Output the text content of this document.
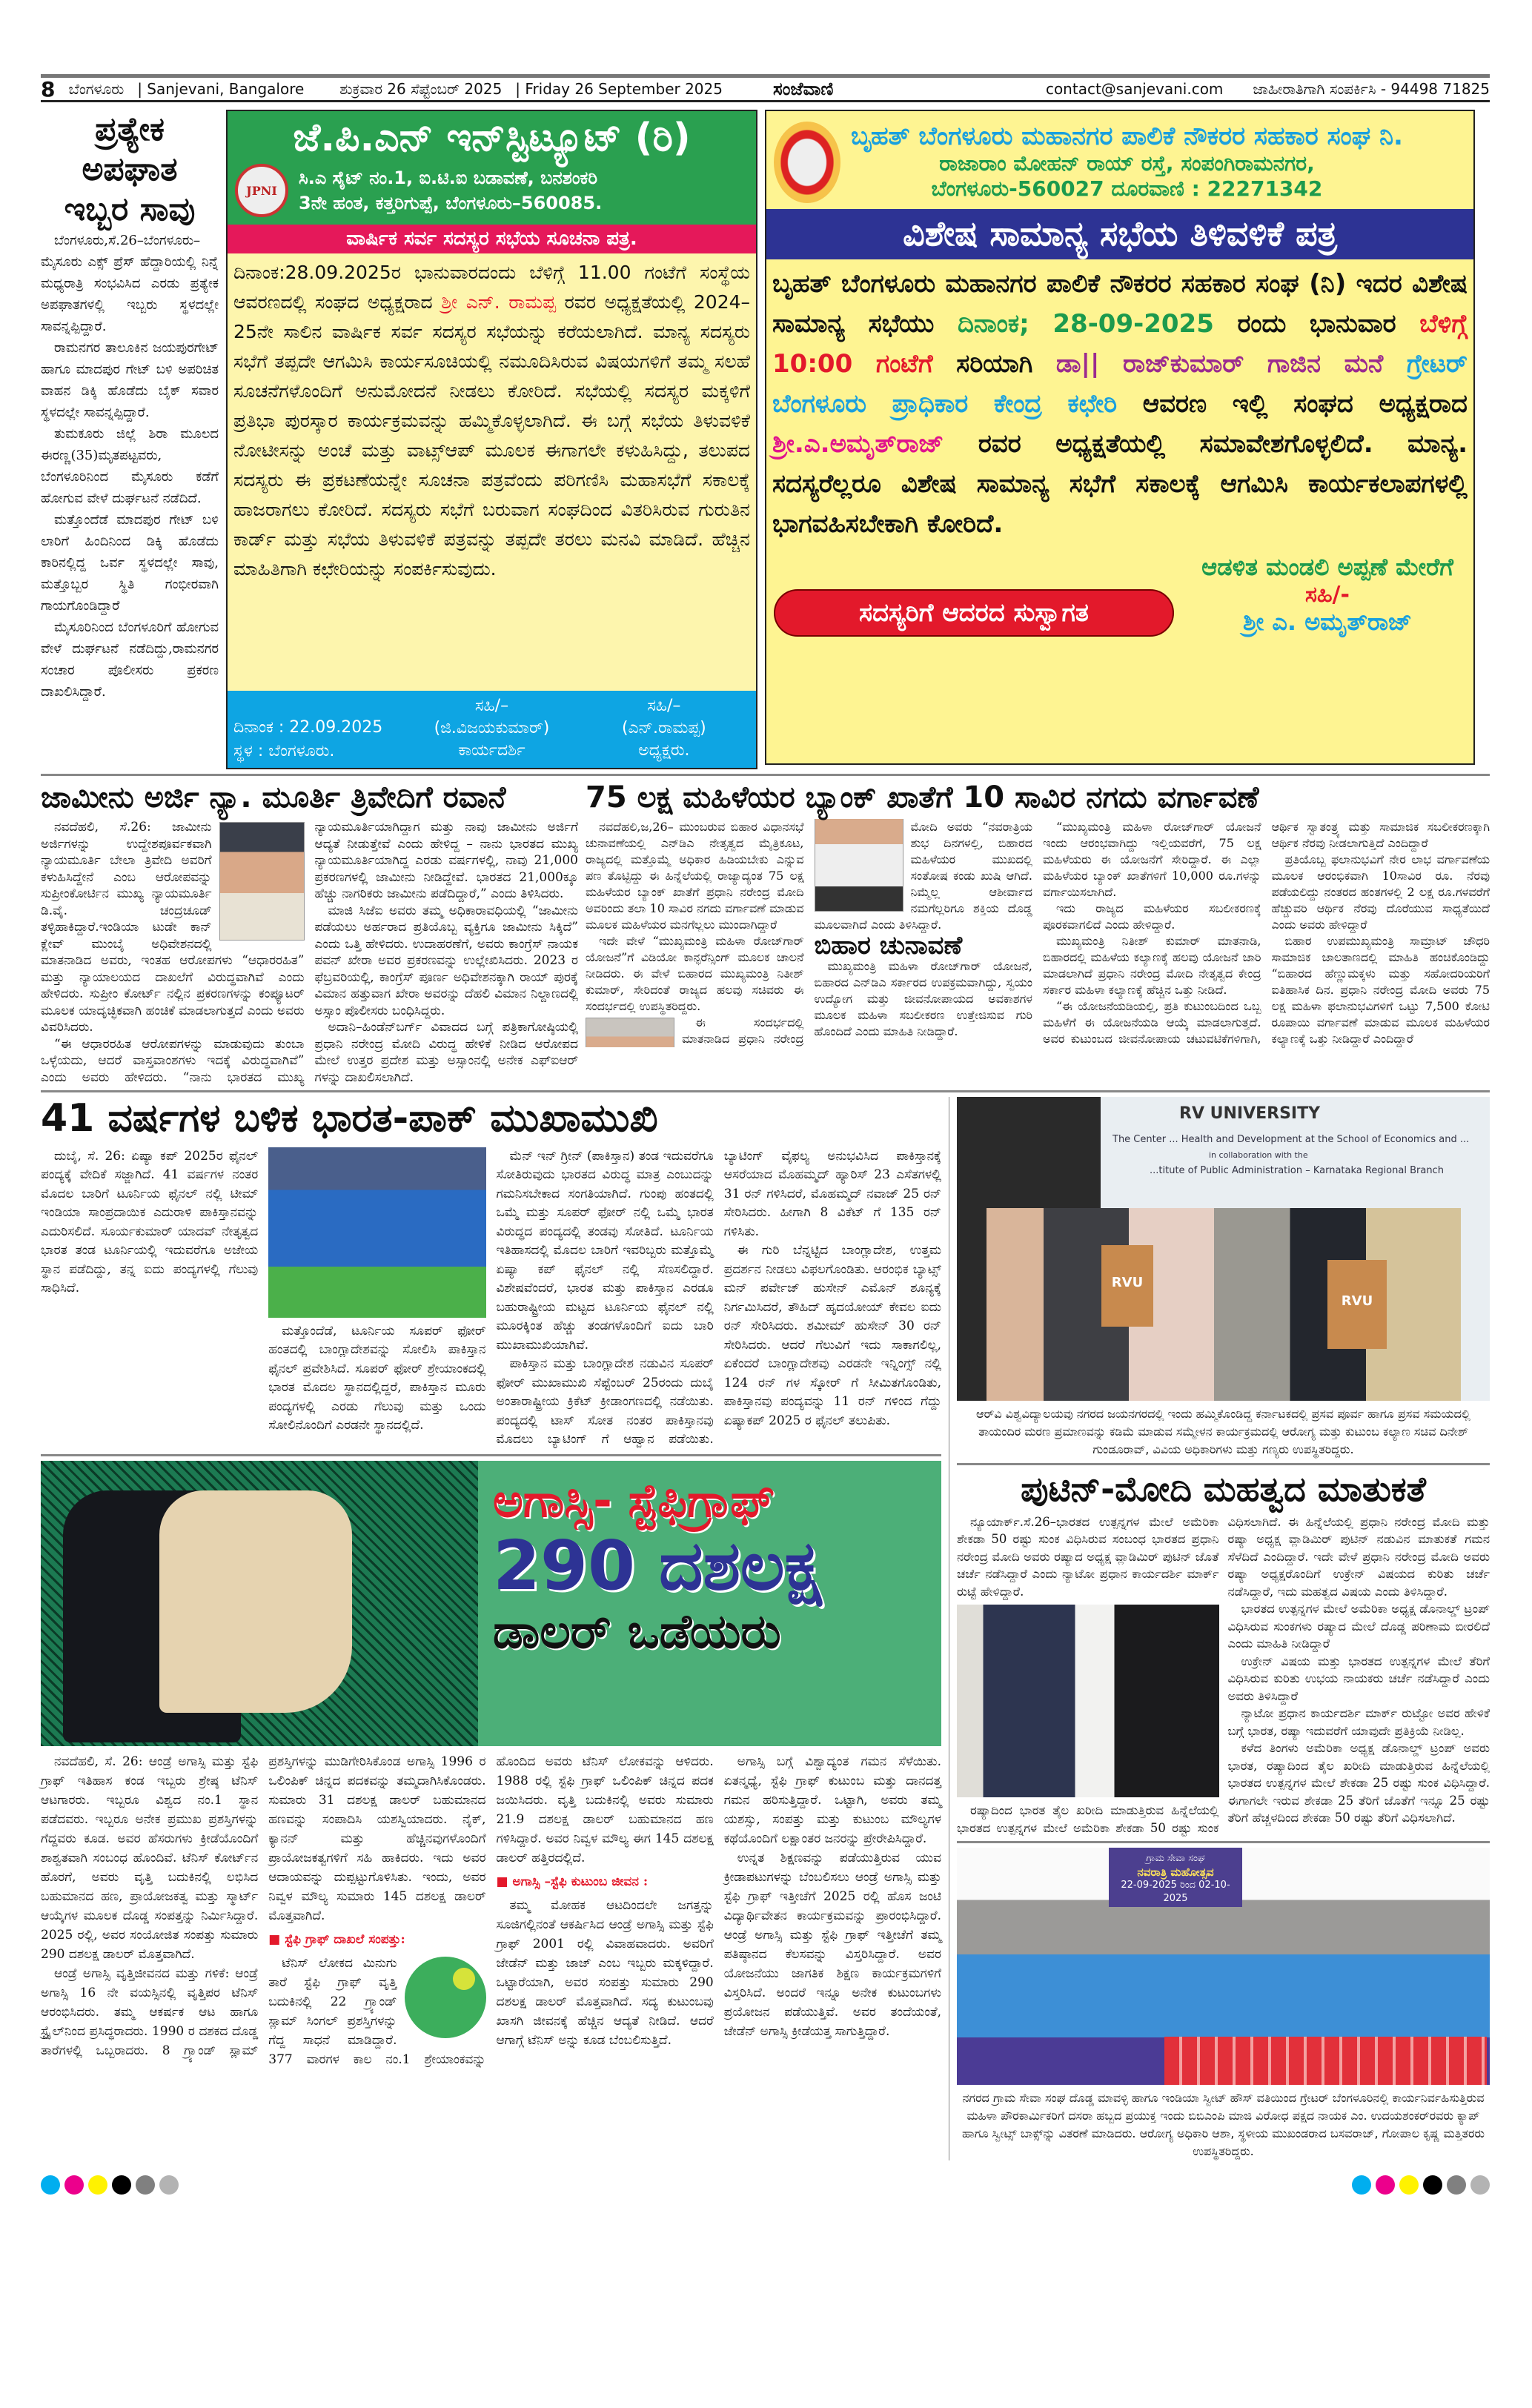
8 ಬೆಂಗಳೂರು | Sanjevani, Bangalore ಶುಕ್ರವಾರ 26 ಸೆಪ್ಟೆಂಬರ್ 2025 | Friday 26 September 2025	ಸಂಜೆವಾಣಿ	contact@sanjevani.com ಜಾಹೀರಾತಿಗಾಗಿ ಸಂಪರ್ಕಿಸಿ - 94498 71825
ಪ್ರತ್ಯೇಕ
ಅಪಘಾತ
ಇಬ್ಬರ ಸಾವು

ಬೆಂಗಳೂರು,ಸೆ.26–ಬೆಂಗಳೂರು–ಮೈಸೂರು ಎಕ್ಸ್ ಪ್ರೆಸ್ ಹೆದ್ದಾರಿಯಲ್ಲಿ ನಿನ್ನೆ ಮಧ್ಯರಾತ್ರಿ ಸಂಭವಿಸಿದ ಎರಡು ಪ್ರತ್ಯೇಕ ಅಪಘಾತಗಳಲ್ಲಿ ಇಬ್ಬರು ಸ್ಥಳದಲ್ಲೇ ಸಾವನ್ನಪ್ಪಿದ್ದಾರೆ.

ರಾಮನಗರ ತಾಲೂಕಿನ ಜಯಪುರಗೇಟ್ ಹಾಗೂ ಮಾದಪುರ ಗೇಟ್ ಬಳಿ ಅಪರಿಚಿತ ವಾಹನ ಡಿಕ್ಕಿ ಹೊಡೆದು ಬೈಕ್ ಸವಾರ ಸ್ಥಳದಲ್ಲೇ ಸಾವನ್ನಪ್ಪಿದ್ದಾರೆ.

ತುಮಕೂರು ಜಿಲ್ಲೆ ಶಿರಾ ಮೂಲದ ಈರಣ್ಣ(35)ಮೃತಪಟ್ಟವರು, ಬೆಂಗಳೂರಿನಿಂದ ಮೈಸೂರು ಕಡೆಗೆ ಹೋಗುವ ವೇಳೆ ದುರ್ಘಟನೆ ನಡೆದಿದೆ.

ಮತ್ತೊಂದೆಡೆ ಮಾದಪುರ ಗೇಟ್ ಬಳಿ ಲಾರಿಗೆ ಹಿಂದಿನಿಂದ ಡಿಕ್ಕಿ ಹೊಡೆದು ಕಾರಿನಲ್ಲಿದ್ದ ಒರ್ವ ಸ್ಥಳದಲ್ಲೇ ಸಾವು, ಮತ್ತೊಬ್ಬರ ಸ್ಥಿತಿ ಗಂಭೀರವಾಗಿ ಗಾಯಗೊಂಡಿದ್ದಾರೆ

ಮೈಸೂರಿನಿಂದ ಬೆಂಗಳೂರಿಗೆ ಹೋಗುವ ವೇಳೆ ದುರ್ಘಟನೆ ನಡೆದಿದ್ದು,ರಾಮನಗರ ಸಂಚಾರ ಪೊಲೀಸರು ಪ್ರಕರಣ ದಾಖಲಿಸಿದ್ದಾರೆ.

ಜೆ.ಪಿ.ಎನ್ ಇನ್‌ಸ್ಟಿಟ್ಯೂಟ್ (ರಿ)
JPNI
ಸಿ.ಎ ಸೈಟ್ ನಂ.1, ಐ.ಟಿ.ಐ ಬಡಾವಣೆ, ಬನಶಂಕರಿ
3ನೇ ಹಂತ, ಕತ್ತರಿಗುಪ್ಪೆ, ಬೆಂಗಳೂರು–560085.
ವಾರ್ಷಿಕ ಸರ್ವ ಸದಸ್ಯರ ಸಭೆಯ ಸೂಚನಾ ಪತ್ರ.
ದಿನಾಂಕ:28.09.2025ರ ಭಾನುವಾರದಂದು ಬೆಳಿಗ್ಗೆ 11.00 ಗಂಟೆಗೆ ಸಂಸ್ಥೆಯ ಆವರಣದಲ್ಲಿ ಸಂಘದ ಅಧ್ಯಕ್ಷರಾದ ಶ್ರೀ ಎನ್. ರಾಮಪ್ಪ ರವರ ಅಧ್ಯಕ್ಷತೆಯಲ್ಲಿ 2024–25ನೇ ಸಾಲಿನ ವಾರ್ಷಿಕ ಸರ್ವ ಸದಸ್ಯರ ಸಭೆಯನ್ನು ಕರೆಯಲಾಗಿದೆ. ಮಾನ್ಯ ಸದಸ್ಯರು ಸಭೆಗೆ ತಪ್ಪದೇ ಆಗಮಿಸಿ ಕಾರ್ಯಸೂಚಿಯಲ್ಲಿ ನಮೂದಿಸಿರುವ ವಿಷಯಗಳಿಗೆ ತಮ್ಮ ಸಲಹೆ ಸೂಚನೆಗಳೊಂದಿಗೆ ಅನುಮೋದನೆ ನೀಡಲು ಕೋರಿದೆ. ಸಭೆಯಲ್ಲಿ ಸದಸ್ಯರ ಮಕ್ಕಳಿಗೆ ಪ್ರತಿಭಾ ಪುರಸ್ಕಾರ ಕಾರ್ಯಕ್ರಮವನ್ನು ಹಮ್ಮಿಕೊಳ್ಳಲಾಗಿದೆ. ಈ ಬಗ್ಗೆ ಸಭೆಯ ತಿಳುವಳಿಕೆ ನೋಟೀಸನ್ನು ಅಂಚೆ ಮತ್ತು ವಾಟ್ಸ್‌ಆಪ್ ಮೂಲಕ ಈಗಾಗಲೇ ಕಳುಹಿಸಿದ್ದು, ತಲುಪದ ಸದಸ್ಯರು ಈ ಪ್ರಕಟಣೆಯನ್ನೇ ಸೂಚನಾ ಪತ್ರವೆಂದು ಪರಿಗಣಿಸಿ ಮಹಾಸಭೆಗೆ ಸಕಾಲಕ್ಕೆ ಹಾಜರಾಗಲು ಕೋರಿದೆ. ಸದಸ್ಯರು ಸಭೆಗೆ ಬರುವಾಗ ಸಂಘದಿಂದ ವಿತರಿಸಿರುವ ಗುರುತಿನ ಕಾರ್ಡ್ ಮತ್ತು ಸಭೆಯ ತಿಳುವಳಿಕೆ ಪತ್ರವನ್ನು ತಪ್ಪದೇ ತರಲು ಮನವಿ ಮಾಡಿದೆ. ಹೆಚ್ಚಿನ ಮಾಹಿತಿಗಾಗಿ ಕಛೇರಿಯನ್ನು ಸಂಪರ್ಕಿಸುವುದು.
ದಿನಾಂಕ : 22.09.2025
ಸ್ಥಳ : ಬೆಂಗಳೂರು.
ಸಹಿ/–
(ಜಿ.ವಿಜಯಕುಮಾರ್)
ಕಾರ್ಯದರ್ಶಿ
ಸಹಿ/–
(ಎನ್.ರಾಮಪ್ಪ)
ಅಧ್ಯಕ್ಷರು.
ಬೃಹತ್ ಬೆಂಗಳೂರು ಮಹಾನಗರ ಪಾಲಿಕೆ ನೌಕರರ ಸಹಕಾರ ಸಂಘ ನಿ.
ರಾಜಾರಾಂ ಮೋಹನ್ ರಾಯ್ ರಸ್ತೆ, ಸಂಪಂಗಿರಾಮನಗರ,
ಬೆಂಗಳೂರು-560027 ದೂರವಾಣಿ : 22271342
ವಿಶೇಷ ಸಾಮಾನ್ಯ ಸಭೆಯ ತಿಳಿವಳಿಕೆ ಪತ್ರ
ಬೃಹತ್ ಬೆಂಗಳೂರು ಮಹಾನಗರ ಪಾಲಿಕೆ ನೌಕರರ ಸಹಕಾರ ಸಂಘ (ನಿ) ಇದರ ವಿಶೇಷ ಸಾಮಾನ್ಯ ಸಭೆಯು ದಿನಾಂಕ; 28-09-2025 ರಂದು ಭಾನುವಾರ ಬೆಳಿಗ್ಗೆ 10:00 ಗಂಟೆಗೆ ಸರಿಯಾಗಿ ಡಾ|| ರಾಜ್‌ಕುಮಾರ್ ಗಾಜಿನ ಮನೆ ಗ್ರೇಟರ್ ಬೆಂಗಳೂರು ಪ್ರಾಧಿಕಾರ ಕೇಂದ್ರ ಕಛೇರಿ ಆವರಣ ಇಲ್ಲಿ ಸಂಘದ ಅಧ್ಯಕ್ಷರಾದ ಶ್ರೀ.ಎ.ಅಮೃತ್‌ರಾಜ್ ರವರ ಅಧ್ಯಕ್ಷತೆಯಲ್ಲಿ ಸಮಾವೇಶಗೊಳ್ಳಲಿದೆ. ಮಾನ್ಯ. ಸದಸ್ಯರೆಲ್ಲರೂ ವಿಶೇಷ ಸಾಮಾನ್ಯ ಸಭೆಗೆ ಸಕಾಲಕ್ಕೆ ಆಗಮಿಸಿ ಕಾರ್ಯಕಲಾಪಗಳಲ್ಲಿ ಭಾಗವಹಿಸಬೇಕಾಗಿ ಕೋರಿದೆ.
ಸದಸ್ಯರಿಗೆ ಆದರದ ಸುಸ್ವಾಗತ
ಆಡಳಿತ ಮಂಡಲಿ ಅಪ್ಪಣೆ ಮೇರೆಗೆ
ಸಹಿ/-
ಶ್ರೀ ಎ. ಅಮೃತ್‌ರಾಜ್
ಜಾಮೀನು ಅರ್ಜಿ ನ್ಯಾ. ಮೂರ್ತಿ ತ್ರಿವೇದಿಗೆ ರವಾನೆ

ನವದೆಹಲಿ, ಸೆ.26: ಜಾಮೀನು ಅರ್ಜಿಗಳನ್ನು ಉದ್ದೇಶಪೂರ್ವಕವಾಗಿ ನ್ಯಾಯಮೂರ್ತಿ ಬೇಲಾ ತ್ರಿವೇದಿ ಅವರಿಗೆ ಕಳುಹಿಸಿದ್ದೇನೆ ಎಂಬ ಆರೋಪವನ್ನು ಸುಪ್ರೀಂಕೋರ್ಟಿನ ಮುಖ್ಯ ನ್ಯಾಯಮೂರ್ತಿ ಡಿ.ವೈ. ಚಂದ್ರಚೂಡ್ ತಳ್ಳಿಹಾಕಿದ್ದಾರೆ.ಇಂಡಿಯಾ ಟುಡೇ ಕಾನ್ ಕ್ಲೇವ್ ಮುಂಬೈ ಅಧಿವೇಶನದಲ್ಲಿ ಮಾತನಾಡಿದ ಅವರು, ಇಂತಹ ಆರೋಪಗಳು “ಆಧಾರರಹಿತ” ಮತ್ತು ನ್ಯಾಯಾಲಯದ ದಾಖಲೆಗೆ ವಿರುದ್ಧವಾಗಿವೆ ಎಂದು ಹೇಳಿದರು. ಸುಪ್ರೀಂ ಕೋರ್ಟ್ ನಲ್ಲಿನ ಪ್ರಕರಣಗಳನ್ನು ಕಂಪ್ಯೂಟರ್ ಮೂಲಕ ಯಾದೃಚ್ಛಿಕವಾಗಿ ಹಂಚಿಕೆ ಮಾಡಲಾಗುತ್ತದೆ ಎಂದು ಅವರು ವಿವರಿಸಿದರು.

“ಈ ಆಧಾರರಹಿತ ಆರೋಪಗಳನ್ನು ಮಾಡುವುದು ತುಂಬಾ ಒಳ್ಳೆಯದು, ಆದರೆ ವಾಸ್ತವಾಂಶಗಳು ಇದಕ್ಕೆ ವಿರುದ್ಧವಾಗಿವೆ” ಎಂದು ಅವರು ಹೇಳಿದರು. “ನಾನು ಭಾರತದ ಮುಖ್ಯ ನ್ಯಾಯಮೂರ್ತಿಯಾಗಿದ್ದಾಗ ಮತ್ತು ನಾವು ಜಾಮೀನು ಅರ್ಜಿಗೆ ಆದ್ಯತೆ ನೀಡುತ್ತೇವೆ ಎಂದು ಹೇಳಿದ್ದ – ನಾನು ಭಾರತದ ಮುಖ್ಯ ನ್ಯಾಯಮೂರ್ತಿಯಾಗಿದ್ದ ಎರಡು ವರ್ಷಗಳಲ್ಲಿ, ನಾವು 21,000 ಪ್ರಕರಣಗಳಲ್ಲಿ ಜಾಮೀನು ನೀಡಿದ್ದೇವೆ. ಭಾರತದ 21,000ಕ್ಕೂ ಹೆಚ್ಚು ನಾಗರಿಕರು ಜಾಮೀನು ಪಡೆದಿದ್ದಾರೆ,” ಎಂದು ತಿಳಿಸಿದರು.

ಮಾಜಿ ಸಿಜೆಐ ಅವರು ತಮ್ಮ ಅಧಿಕಾರಾವಧಿಯಲ್ಲಿ “ಜಾಮೀನು ಪಡೆಯಲು ಅರ್ಹರಾದ ಪ್ರತಿಯೊಬ್ಬ ವ್ಯಕ್ತಿಗೂ ಜಾಮೀನು ಸಿಕ್ಕಿದೆ” ಎಂದು ಒತ್ತಿ ಹೇಳಿದರು. ಉದಾಹರಣೆಗೆ, ಅವರು ಕಾಂಗ್ರೆಸ್ ನಾಯಕ ಪವನ್ ಖೇರಾ ಅವರ ಪ್ರಕರಣವನ್ನು ಉಲ್ಲೇಖಿಸಿದರು. 2023 ರ ಫೆಬ್ರವರಿಯಲ್ಲಿ, ಕಾಂಗ್ರೆಸ್ ಪೂರ್ಣ ಅಧಿವೇಶನಕ್ಕಾಗಿ ರಾಯ್ ಪುರಕ್ಕೆ ವಿಮಾನ ಹತ್ತುವಾಗ ಖೇರಾ ಅವರನ್ನು ದೆಹಲಿ ವಿಮಾನ ನಿಲ್ದಾಣದಲ್ಲಿ ಅಸ್ಸಾಂ ಪೊಲೀಸರು ಬಂಧಿಸಿದ್ದರು.

ಅದಾನಿ–ಹಿಂಡೆನ್‌ಬರ್ಗ್ ವಿವಾದದ ಬಗ್ಗೆ ಪತ್ರಿಕಾಗೋಷ್ಠಿಯಲ್ಲಿ ಪ್ರಧಾನಿ ನರೇಂದ್ರ ಮೋದಿ ವಿರುದ್ಧ ಹೇಳಿಕೆ ನೀಡಿದ ಆರೋಪದ ಮೇಲೆ ಉತ್ತರ ಪ್ರದೇಶ ಮತ್ತು ಅಸ್ಸಾಂನಲ್ಲಿ ಅನೇಕ ಎಫ್‌ಐಆರ್ ಗಳನ್ನು ದಾಖಲಿಸಲಾಗಿದೆ.

75 ಲಕ್ಷ ಮಹಿಳೆಯರ ಬ್ಯಾಂಕ್ ಖಾತೆಗೆ 10 ಸಾವಿರ ನಗದು ವರ್ಗಾವಣೆ

ನವದೆಹಲಿ,ಜ,26– ಮುಂಬರುವ ಬಿಹಾರ ವಿಧಾನಸಭೆ ಚುನಾವಣೆಯಲ್ಲಿ ಎನ್‌ಡಿಎ ನೇತೃತ್ವದ ಮೈತ್ರಿಕೂಟ, ರಾಜ್ಯದಲ್ಲಿ ಮತ್ತೊಮ್ಮೆ ಅಧಿಕಾರ ಹಿಡಿಯಬೇಕು ಎನ್ನುವ ಪಣ ತೊಟ್ಟಿದ್ದು ಈ ಹಿನ್ನೆಲೆಯಲ್ಲಿ ರಾಜ್ಯಾದ್ಯಂತ 75 ಲಕ್ಷ ಮಹಿಳೆಯರ ಬ್ಯಾಂಕ್ ಖಾತೆಗೆ ಪ್ರಧಾನಿ ನರೇಂದ್ರ ಮೋದಿ ಅವರಿಂದು ತಲಾ 10 ಸಾವಿರ ನಗದು ವರ್ಗಾವಣೆ ಮಾಡುವ ಮೂಲಕ ಮಹಿಳೆಯರ ಮನಗೆಲ್ಲಲು ಮುಂದಾಗಿದ್ದಾರೆ

ಇದೇ ವೇಳೆ “ಮುಖ್ಯಮಂತ್ರಿ ಮಹಿಳಾ ರೋಜ್‌ಗಾರ್ ಯೋಜನೆ”ಗೆ ವಿಡಿಯೋ ಕಾನ್ಫರೆನ್ಸಿಂಗ್ ಮೂಲಕ ಚಾಲನೆ ನೀಡಿದರು. ಈ ವೇಳೆ ಬಿಹಾರದ ಮುಖ್ಯಮಂತ್ರಿ ನಿತೀಶ್ ಕುಮಾರ್, ಸೇರಿದಂತೆ ರಾಜ್ಯದ ಹಲವು ಸಚಿವರು ಈ ಸಂದರ್ಭದಲ್ಲಿ ಉಪಸ್ಥಿತರಿದ್ದರು.

ಈ ಸಂದರ್ಭದಲ್ಲಿ ಮಾತನಾಡಿದ ಪ್ರಧಾನಿ ನರೇಂದ್ರ ಮೋದಿ ಅವರು “ನವರಾತ್ರಿಯ ಶುಭ ದಿನಗಳಲ್ಲಿ, ಬಿಹಾರದ ಮಹಿಳೆಯರ ಮುಖದಲ್ಲಿ ಸಂತೋಷ ಕಂಡು ಖುಷಿ ಆಗಿದೆ. ನಿಮ್ಮೆಲ್ಲ ಆಶೀರ್ವಾದ ನಮಗೆಲ್ಲರಿಗೂ ಶಕ್ತಿಯ ದೊಡ್ಡ ಮೂಲವಾಗಿದೆ ಎಂದು ತಿಳಿಸಿದ್ದಾರೆ.

ಬಿಹಾರ ಚುನಾವಣೆ

ಮುಖ್ಯಮಂತ್ರಿ ಮಹಿಳಾ ರೋಜ್‌ಗಾರ್ ಯೋಜನೆ, ಬಿಹಾರದ ಎನ್‌ಡಿಎ ಸರ್ಕಾರದ ಉಪಕ್ರಮವಾಗಿದ್ದು, ಸ್ವಯಂ ಉದ್ಯೋಗ ಮತ್ತು ಜೀವನೋಪಾಯದ ಅವಕಾಶಗಳ ಮೂಲಕ ಮಹಿಳಾ ಸಬಲೀಕರಣ ಉತ್ತೇಜಿಸುವ ಗುರಿ ಹೊಂದಿದೆ ಎಂದು ಮಾಹಿತಿ ನೀಡಿದ್ದಾರೆ.

“ಮುಖ್ಯಮಂತ್ರಿ ಮಹಿಳಾ ರೋಜ್‌ಗಾರ್ ಯೋಜನೆ ಇಂದು ಆರಂಭವಾಗಿದ್ದು ಇಲ್ಲಿಯವರೆಗೆ, 75 ಲಕ್ಷ ಮಹಿಳೆಯರು ಈ ಯೋಜನೆಗೆ ಸೇರಿದ್ದಾರೆ. ಈ ಎಲ್ಲಾ ಮಹಿಳೆಯರ ಬ್ಯಾಂಕ್ ಖಾತೆಗಳಿಗೆ 10,000 ರೂ.ಗಳನ್ನು ವರ್ಗಾಯಿಸಲಾಗಿದೆ.

ಇದು ರಾಜ್ಯದ ಮಹಿಳೆಯರ ಸಬಲೀಕರಣಕ್ಕೆ ಪೂರಕವಾಗಲಿದೆ ಎಂದು ಹೇಳಿದ್ದಾರೆ.

ಮುಖ್ಯಮಂತ್ರಿ ನಿತೀಶ್ ಕುಮಾರ್ ಮಾತನಾಡಿ, ಬಿಹಾರದಲ್ಲಿ ಮಹಿಳೆಯ ಕಲ್ಯಾಣಕ್ಕೆ ಹಲವು ಯೋಜನೆ ಜಾರಿ ಮಾಡಲಾಗಿದೆ ಪ್ರಧಾನಿ ನರೇಂದ್ರ ಮೋದಿ ನೇತೃತ್ವದ ಕೇಂದ್ರ ಸರ್ಕಾರ ಮಹಿಳಾ ಕಲ್ಯಾಣಕ್ಕೆ ಹೆಚ್ಚಿನ ಒತ್ತು ನೀಡಿದೆ.

“ಈ ಯೋಜನೆಯಡಿಯಲ್ಲಿ, ಪ್ರತಿ ಕುಟುಂಬದಿಂದ ಒಬ್ಬ ಮಹಿಳೆಗೆ ಈ ಯೋಜನೆಯಡಿ ಆಯ್ಕೆ ಮಾಡಲಾಗುತ್ತದೆ. ಅವರ ಕುಟುಂಬದ ಜೀವನೋಪಾಯ ಚಟುವಟಿಕೆಗಳಿಗಾಗಿ, ಆರ್ಥಿಕ ಸ್ವಾತಂತ್ರ್ಯ ಮತ್ತು ಸಾಮಾಜಿಕ ಸಬಲೀಕರಣಕ್ಕಾಗಿ ಆರ್ಥಿಕ ನೆರವು ನೀಡಲಾಗುತ್ತಿದೆ ಎಂದಿದ್ದಾರೆ

ಪ್ರತಿಯೊಬ್ಬ ಫಲಾನುಭವಿಗೆ ನೇರ ಲಾಭ ವರ್ಗಾವಣೆಯ ಮೂಲಕ ಆರಂಭಿಕವಾಗಿ 10ಸಾವಿರ ರೂ. ನೆರವು ಪಡೆಯಲಿದ್ದು ನಂತರದ ಹಂತಗಳಲ್ಲಿ 2 ಲಕ್ಷ ರೂ.ಗಳವರೆಗೆ ಹೆಚ್ಚುವರಿ ಆರ್ಥಿಕ ನೆರವು ದೊರೆಯುವ ಸಾಧ್ಯತೆಯಿದೆ ಎಂದು ಅವರು ಹೇಳಿದ್ದಾರೆ

ಬಿಹಾರ ಉಪಮುಖ್ಯಮಂತ್ರಿ ಸಾಮ್ರಾಟ್ ಚೌಧರಿ ಸಾಮಾಜಿಕ ಜಾಲತಾಣದಲ್ಲಿ ಮಾಹಿತಿ ಹಂಚಿಕೊಂಡಿದ್ದು “ಬಿಹಾರದ ಹೆಣ್ಣುಮಕ್ಕಳು ಮತ್ತು ಸಹೋದರಿಯರಿಗೆ ಐತಿಹಾಸಿಕ ದಿನ. ಪ್ರಧಾನಿ ನರೇಂದ್ರ ಮೋದಿ ಅವರು 75 ಲಕ್ಷ ಮಹಿಳಾ ಫಲಾನುಭವಿಗಳಿಗೆ ಒಟ್ಟು 7,500 ಕೋಟಿ ರೂಪಾಯಿ ವರ್ಗಾವಣೆ ಮಾಡುವ ಮೂಲಕ ಮಹಿಳೆಯರ ಕಲ್ಯಾಣಕ್ಕೆ ಒತ್ತು ನೀಡಿದ್ದಾರೆ ಎಂದಿದ್ದಾರೆ

41 ವರ್ಷಗಳ ಬಳಿಕ ಭಾರತ-ಪಾಕ್ ಮುಖಾಮುಖಿ

ದುಬೈ, ಸೆ. 26: ಏಷ್ಯಾ ಕಪ್ 2025ರ ಫೈನಲ್ ಪಂದ್ಯಕ್ಕೆ ವೇದಿಕೆ ಸಜ್ಜಾಗಿದೆ. 41 ವರ್ಷಗಳ ನಂತರ ಮೊದಲ ಬಾರಿಗೆ ಟೂರ್ನಿಯ ಫೈನಲ್ ನಲ್ಲಿ ಟೀಮ್ ಇಂಡಿಯಾ ಸಾಂಪ್ರದಾಯಿಕ ಎದುರಾಳಿ ಪಾಕಿಸ್ತಾನವನ್ನು ಎದುರಿಸಲಿದೆ. ಸೂರ್ಯಕುಮಾರ್ ಯಾದವ್ ನೇತೃತ್ವದ ಭಾರತ ತಂಡ ಟೂರ್ನಿಯಲ್ಲಿ ಇದುವರೆಗೂ ಅಜೇಯ ಸ್ಥಾನ ಪಡೆದಿದ್ದು, ತನ್ನ ಐದು ಪಂದ್ಯಗಳಲ್ಲಿ ಗೆಲುವು ಸಾಧಿಸಿದೆ.

ಮತ್ತೊಂದೆಡೆ, ಟೂರ್ನಿಯ ಸೂಪರ್ ಫೋರ್ ಹಂತದಲ್ಲಿ ಬಾಂಗ್ಲಾದೇಶವನ್ನು ಸೋಲಿಸಿ ಪಾಕಿಸ್ತಾನ ಫೈನಲ್ ಪ್ರವೇಶಿಸಿದೆ. ಸೂಪರ್ ಫೋರ್ ಶ್ರೇಯಾಂಕದಲ್ಲಿ ಭಾರತ ಮೊದಲ ಸ್ಥಾನದಲ್ಲಿದ್ದರೆ, ಪಾಕಿಸ್ತಾನ ಮೂರು ಪಂದ್ಯಗಳಲ್ಲಿ ಎರಡು ಗೆಲುವು ಮತ್ತು ಒಂದು ಸೋಲಿನೊಂದಿಗೆ ಎರಡನೇ ಸ್ಥಾನದಲ್ಲಿದೆ.

ಮೆನ್ ಇನ್ ಗ್ರೀನ್ (ಪಾಕಿಸ್ತಾನ) ತಂಡ ಇದುವರೆಗೂ ಸೋತಿರುವುದು ಭಾರತದ ವಿರುದ್ಧ ಮಾತ್ರ ಎಂಬುದನ್ನು ಗಮನಿಸಬೇಕಾದ ಸಂಗತಿಯಾಗಿದೆ. ಗುಂಪು ಹಂತದಲ್ಲಿ ಒಮ್ಮೆ ಮತ್ತು ಸೂಪರ್ ಫೋರ್ ನಲ್ಲಿ ಒಮ್ಮೆ ಭಾರತ ವಿರುದ್ಧದ ಪಂದ್ಯದಲ್ಲಿ ತಂಡವು ಸೋತಿದೆ. ಟೂರ್ನಿಯ ಇತಿಹಾಸದಲ್ಲಿ ಮೊದಲ ಬಾರಿಗೆ ಇವರಿಬ್ಬರು ಮತ್ತೊಮ್ಮೆ ಏಷ್ಯಾ ಕಪ್ ಫೈನಲ್ ನಲ್ಲಿ ಸೆಣಸಲಿದ್ದಾರೆ. ವಿಶೇಷವೆಂದರೆ, ಭಾರತ ಮತ್ತು ಪಾಕಿಸ್ತಾನ ಎರಡೂ ಬಹುರಾಷ್ಟ್ರೀಯ ಮಟ್ಟದ ಟೂರ್ನಿಯ ಫೈನಲ್ ನಲ್ಲಿ ಮೂರಕ್ಕಿಂತ ಹೆಚ್ಚು ತಂಡಗಳೊಂದಿಗೆ ಐದು ಬಾರಿ ಮುಖಾಮುಖಿಯಾಗಿವೆ.

ಪಾಕಿಸ್ತಾನ ಮತ್ತು ಬಾಂಗ್ಲಾದೇಶ ನಡುವಿನ ಸೂಪರ್ ಫೋರ್ ಮುಖಾಮುಖಿ ಸೆಪ್ಟೆಂಬರ್ 25ರಂದು ದುಬೈ ಅಂತಾರಾಷ್ಟ್ರೀಯ ಕ್ರಿಕೆಟ್ ಕ್ರೀಡಾಂಗಣದಲ್ಲಿ ನಡೆಯಿತು. ಪಂದ್ಯದಲ್ಲಿ ಟಾಸ್ ಸೋತ ನಂತರ ಪಾಕಿಸ್ತಾನವು ಮೊದಲು ಬ್ಯಾಟಿಂಗ್ ಗೆ ಆಹ್ವಾನ ಪಡೆಯಿತು. ಬ್ಯಾಟಿಂಗ್ ವೈಫಲ್ಯ ಅನುಭವಿಸಿದ ಪಾಕಿಸ್ತಾನಕ್ಕೆ ಆಸರೆಯಾದ ಮೊಹಮ್ಮದ್ ಹ್ಯಾರಿಸ್ 23 ಎಸೆತಗಳಲ್ಲಿ 31 ರನ್ ಗಳಿಸಿದರೆ, ಮೊಹಮ್ಮದ್ ನವಾಜ್ 25 ರನ್ ಸೇರಿಸಿದರು. ಹೀಗಾಗಿ 8 ವಿಕೆಟ್ ಗೆ 135 ರನ್ ಗಳಿಸಿತು.

ಈ ಗುರಿ ಬೆನ್ನಟ್ಟಿದ ಬಾಂಗ್ಲಾದೇಶ, ಉತ್ತಮ ಪ್ರದರ್ಶನ ನೀಡಲು ವಿಫಲಗೊಂಡಿತು. ಆರಂಭಿಕ ಬ್ಯಾಟ್ಸ್ ಮನ್ ಪರ್ವೇಜ್ ಹುಸೇನ್ ಎಮೊನ್ ಶೂನ್ಯಕ್ಕೆ ನಿರ್ಗಮಿಸಿದರೆ, ತೌಹಿದ್ ಹೃದಯೋಯ್ ಕೇವಲ ಐದು ರನ್ ಸೇರಿಸಿದರು. ಶಮೀಮ್ ಹುಸೇನ್ 30 ರನ್ ಸೇರಿಸಿದರು. ಆದರೆ ಗೆಲುವಿಗೆ ಇದು ಸಾಕಾಗಲಿಲ್ಲ, ಏಕೆಂದರೆ ಬಾಂಗ್ಲಾದೇಶವು ಎರಡನೇ ಇನ್ನಿಂಗ್ಸ್ ನಲ್ಲಿ 124 ರನ್ ಗಳ ಸ್ಕೋರ್ ಗೆ ಸೀಮಿತಗೊಂಡಿತು, ಪಾಕಿಸ್ತಾನವು ಪಂದ್ಯವನ್ನು 11 ರನ್ ಗಳಿಂದ ಗೆದ್ದು ಏಷ್ಯಾಕಪ್ 2025 ರ ಫೈನಲ್ ತಲುಪಿತು.

ಅಗಾಸ್ಸಿ- ಸ್ಟೆಫಿಗ್ರಾಫ್
290 ದಶಲಕ್ಷ
ಡಾಲರ್ ಒಡೆಯರು

ನವದೆಹಲಿ, ಸೆ. 26: ಆಂಡ್ರೆ ಅಗಾಸ್ಸಿ ಮತ್ತು ಸ್ಟೆಫಿ ಗ್ರಾಫ್ ಇತಿಹಾಸ ಕಂಡ ಇಬ್ಬರು ಶ್ರೇಷ್ಠ ಟೆನಿಸ್ ಆಟಗಾರರು. ಇಬ್ಬರೂ ವಿಶ್ವದ ನಂ.1 ಸ್ಥಾನ ಪಡೆದವರು. ಇಬ್ಬರೂ ಅನೇಕ ಪ್ರಮುಖ ಪ್ರಶಸ್ತಿಗಳನ್ನು ಗೆದ್ದವರು ಕೂಡ. ಅವರ ಹೆಸರುಗಳು ಕ್ರೀಡೆಯೊಂದಿಗೆ ಶಾಶ್ವತವಾಗಿ ಸಂಬಂಧ ಹೊಂದಿವೆ. ಟೆನಿಸ್ ಕೋರ್ಟ್‌ನ ಹೊರಗೆ, ಅವರು ವೃತ್ತಿ ಬದುಕಿನಲ್ಲಿ ಲಭಿಸಿದ ಬಹುಮಾನದ ಹಣ, ಪ್ರಾಯೋಜಕತ್ವ ಮತ್ತು ಸ್ಮಾರ್ಟ್ ಆಯ್ಕೆಗಳ ಮೂಲಕ ದೊಡ್ಡ ಸಂಪತ್ತನ್ನು ನಿರ್ಮಿಸಿದ್ದಾರೆ. 2025 ರಲ್ಲಿ, ಅವರ ಸಂಯೋಜಿತ ಸಂಪತ್ತು ಸುಮಾರು 290 ದಶಲಕ್ಷ ಡಾಲರ್ ಮೊತ್ತವಾಗಿದೆ.

ಆಂಡ್ರೆ ಅಗಾಸ್ಸಿ ವೃತ್ತಿಜೀವನದ ಮತ್ತು ಗಳಿಕೆ: ಆಂಡ್ರೆ ಅಗಾಸ್ಸಿ 16 ನೇ ವಯಸ್ಸಿನಲ್ಲಿ ವೃತ್ತಿಪರ ಟೆನಿಸ್ ಆರಂಭಿಸಿದರು. ತಮ್ಮ ಆಕರ್ಷಕ ಆಟ ಹಾಗೂ ಸ್ಟ್ರೈಲ್‌ನಿಂದ ಪ್ರಸಿದ್ಧರಾದರು. 1990 ರ ದಶಕದ ದೊಡ್ಡ ತಾರೆಗಳಲ್ಲಿ ಒಬ್ಬರಾದರು. 8 ಗ್ರ್ಯಾಂಡ್ ಸ್ಲಾಮ್ ಪ್ರಶಸ್ತಿಗಳನ್ನು ಮುಡಿಗೇರಿಸಿಕೊಂಡ ಅಗಾಸ್ಸಿ 1996 ರ ಒಲಿಂಪಿಕ್ ಚಿನ್ನದ ಪದಕವನ್ನು ತಮ್ಮದಾಗಿಸಿಕೊಂಡರು. ಸುಮಾರು 31 ದಶಲಕ್ಷ ಡಾಲರ್ ಬಹುಮಾನದ ಹಣವನ್ನು ಸಂಪಾದಿಸಿ ಯಶಸ್ವಿಯಾದರು. ನೈಕ್, ಕ್ಯಾನನ್ ಮತ್ತು ಹೆಚ್ಚಿನವುಗಳೊಂದಿಗೆ ಪ್ರಾಯೋಜಕತ್ವಗಳಿಗೆ ಸಹಿ ಹಾಕಿದರು. ಇದು ಅವರ ಆದಾಯವನ್ನು ದುಪ್ಪಟ್ಟುಗೊಳಿಸಿತು. ಇಂದು, ಅವರ ನಿವ್ವಳ ಮೌಲ್ಯ ಸುಮಾರು 145 ದಶಲಕ್ಷ ಡಾಲರ್ ಮೊತ್ತವಾಗಿದೆ.

■ ಸ್ಟೆಫಿ ಗ್ರಾಫ್ ದಾಖಲೆ ಸಂಪತ್ತು:

ಟೆನಿಸ್ ಲೋಕದ ಮಿನುಗು ತಾರೆ ಸ್ಟೆಫಿ ಗ್ರಾಫ್ ವೃತ್ತಿ ಬದುಕಿನಲ್ಲಿ 22 ಗ್ರ್ಯಾಂಡ್ ಸ್ಲಾಮ್ ಸಿಂಗಲ್ ಪ್ರಶಸ್ತಿಗಳನ್ನು ಗೆದ್ದ ಸಾಧನೆ ಮಾಡಿದ್ದಾರೆ. 377 ವಾರಗಳ ಕಾಲ ನಂ.1 ಶ್ರೇಯಾಂಕವನ್ನು ಹೊಂದಿದ ಅವರು ಟೆನಿಸ್ ಲೋಕವನ್ನು ಆಳಿದರು. 1988 ರಲ್ಲಿ ಸ್ಟೆಫಿ ಗ್ರಾಫ್ ಒಲಿಂಪಿಕ್ ಚಿನ್ನದ ಪದಕ ಜಯಿಸಿದರು. ವೃತ್ತಿ ಬದುಕಿನಲ್ಲಿ ಅವರು ಸುಮಾರು 21.9 ದಶಲಕ್ಷ ಡಾಲರ್ ಬಹುಮಾನದ ಹಣ ಗಳಿಸಿದ್ದಾರೆ. ಅವರ ನಿವ್ವಳ ಮೌಲ್ಯ ಈಗ 145 ದಶಲಕ್ಷ ಡಾಲರ್ ಹತ್ತಿರದಲ್ಲಿದೆ.

■ ಅಗಾಸ್ಸಿ –ಸ್ಟೆಫಿ ಕುಟುಂಬ ಜೀವನ :

ತಮ್ಮ ಮೋಹಕ ಆಟದಿಂದಲೇ ಜಗತ್ತನ್ನು ಸೂಜಿಗಲ್ಲಿನಂತೆ ಆಕರ್ಷಿಸಿದ ಆಂಡ್ರೆ ಅಗಾಸ್ಸಿ ಮತ್ತು ಸ್ಟೆಫಿ ಗ್ರಾಫ್ 2001 ರಲ್ಲಿ ವಿವಾಹವಾದರು. ಅವರಿಗೆ ಜೇಡೆನ್ ಮತ್ತು ಜಾಜ್ ಎಂಬ ಇಬ್ಬರು ಮಕ್ಕಳಿದ್ದಾರೆ. ಒಟ್ಟಾರೆಯಾಗಿ, ಅವರ ಸಂಪತ್ತು ಸುಮಾರು 290 ದಶಲಕ್ಷ ಡಾಲರ್ ಮೊತ್ತವಾಗಿದೆ. ಸದ್ಯ ಕುಟುಂಬವು ಖಾಸಗಿ ಜೀವನಕ್ಕೆ ಹೆಚ್ಚಿನ ಆದ್ಯತೆ ನೀಡಿದೆ. ಆದರೆ ಆಗಾಗ್ಗೆ ಟೆನಿಸ್ ಅನ್ನು ಕೂಡ ಬೆಂಬಲಿಸುತ್ತಿದೆ.

ಅಗಾಸ್ಸಿ ಬಗ್ಗೆ ವಿಶ್ವಾದ್ಯಂತ ಗಮನ ಸೆಳೆಯಿತು. ಏತನ್ಮಧ್ಯೆ, ಸ್ಟೆಫಿ ಗ್ರಾಫ್ ಕುಟುಂಬ ಮತ್ತು ದಾನದತ್ತ ಗಮನ ಹರಿಸುತ್ತಿದ್ದಾರೆ. ಒಟ್ಟಾಗಿ, ಅವರು ತಮ್ಮ ಯಶಸ್ಸು, ಸಂಪತ್ತು ಮತ್ತು ಕುಟುಂಬ ಮೌಲ್ಯಗಳ ಕಥೆಯೊಂದಿಗೆ ಲಕ್ಷಾಂತರ ಜನರನ್ನು ಪ್ರೇರೇಪಿಸಿದ್ದಾರೆ.

ಉನ್ನತ ಶಿಕ್ಷಣವನ್ನು ಪಡೆಯುತ್ತಿರುವ ಯುವ ಕ್ರೀಡಾಪಟುಗಳನ್ನು ಬೆಂಬಲಿಸಲು ಆಂಡ್ರೆ ಅಗಾಸ್ಸಿ ಮತ್ತು ಸ್ಟೆಫಿ ಗ್ರಾಫ್ ಇತ್ತೀಚೆಗೆ 2025 ರಲ್ಲಿ ಹೊಸ ಜಂಟಿ ವಿದ್ಯಾರ್ಥಿವೇತನ ಕಾರ್ಯಕ್ರಮವನ್ನು ಪ್ರಾರಂಭಿಸಿದ್ದಾರೆ. ಆಂಡ್ರೆ ಅಗಾಸ್ಸಿ ಮತ್ತು ಸ್ಟೆಫಿ ಗ್ರಾಫ್ ಇತ್ತೀಚೆಗೆ ತಮ್ಮ ಪತಿಷ್ಠಾನದ ಕೆಲಸವನ್ನು ವಿಸ್ತರಿಸಿದ್ದಾರೆ. ಅವರ ಯೋಜನೆಯು ಜಾಗತಿಕ ಶಿಕ್ಷಣ ಕಾರ್ಯಕ್ರಮಗಳಿಗೆ ವಿಸ್ತರಿಸಿದೆ. ಅಂದರೆ ಇನ್ನೂ ಅನೇಕ ಕುಟುಂಬಗಳು ಪ್ರಯೋಜನ ಪಡೆಯುತ್ತಿವೆ. ಅವರ ತಂದೆಯಂತೆ, ಜೇಡೆನ್ ಅಗಾಸ್ಸಿ ಕ್ರೀಡೆಯತ್ತ ಸಾಗುತ್ತಿದ್ದಾರೆ.

RV UNIVERSITY
The Center ... Health and Development at the School of Economics and ...
in collaboration with the
...titute of Public Administration – Karnataka Regional Branch
RVU
RVU
ಆರ್‌ವಿ ವಿಶ್ವವಿದ್ಯಾಲಯವು ನಗರದ ಜಯನಗರದಲ್ಲಿ ಇಂದು ಹಮ್ಮಿಕೊಂಡಿದ್ದ ಕರ್ನಾಟಕದಲ್ಲಿ ಪ್ರಸವ ಪೂರ್ವ ಹಾಗೂ ಪ್ರಸವ ಸಮಯದಲ್ಲಿ ತಾಯಂದಿರ ಮರಣ ಪ್ರಮಾಣವನ್ನು ಕಡಿಮೆ ಮಾಡುವ ಸಮ್ಮೇಳನ ಕಾರ್ಯಕ್ರಮದಲ್ಲಿ ಆರೋಗ್ಯ ಮತ್ತು ಕುಟುಂಬ ಕಲ್ಯಾಣ ಸಚಿವ ದಿನೇಶ್ ಗುಂಡೂರಾವ್, ವಿವಿಯ ಅಧಿಕಾರಿಗಳು ಮತ್ತು ಗಣ್ಯರು ಉಪಸ್ಥಿತರಿದ್ದರು.
ಪುಟಿನ್-ಮೋದಿ ಮಹತ್ವದ ಮಾತುಕತೆ

ನ್ಯೂಯಾರ್ಕ್.ಸೆ.26–ಭಾರತದ ಉತ್ಪನ್ನಗಳ ಮೇಲೆ ಅಮೆರಿಕಾ ಶೇಕಡಾ 50 ರಷ್ಟು ಸುಂಕ ವಿಧಿಸಿರುವ ಸಂಬಂಧ ಭಾರತದ ಪ್ರಧಾನಿ ನರೇಂದ್ರ ಮೋದಿ ಅವರು ರಷ್ಯಾದ ಅಧ್ಯಕ್ಷ ವ್ಲಾಡಿಮಿರ್ ಪುಟಿನ್ ಜೊತೆ ಚರ್ಚೆ ನಡೆಸಿದ್ದಾರೆ ಎಂದು ನ್ಯಾಟೋ ಪ್ರಧಾನ ಕಾರ್ಯದರ್ಶಿ ಮಾರ್ಕ್ ರುಟ್ಟೆ ಹೇಳಿದ್ದಾರೆ.

ರಷ್ಯಾದಿಂದ ಭಾರತ ತೈಲ ಖರೀದಿ ಮಾಡುತ್ತಿರುವ ಹಿನ್ನೆಲೆಯಲ್ಲಿ ಭಾರತದ ಉತ್ಪನ್ನಗಳ ಮೇಲೆ ಅಮೆರಿಕಾ ಶೇಕಡಾ 50 ರಷ್ಟು ಸುಂಕ ವಿಧಿಸಲಾಗಿದೆ. ಈ ಹಿನ್ನೆಲೆಯಲ್ಲಿ ಪ್ರಧಾನಿ ನರೇಂದ್ರ ಮೋದಿ ಮತ್ತು ರಷ್ಯಾ ಅಧ್ಯಕ್ಷ ವ್ಲಾಡಿಮಿರ್ ಪುಟಿನ್ ನಡುವಿನ ಮಾತುಕತೆ ಗಮನ ಸೆಳೆದಿದೆ ಎಂದಿದ್ದಾರೆ. ಇದೇ ವೇಳೆ ಪ್ರಧಾನಿ ನರೇಂದ್ರ ಮೋದಿ ಅವರು ರಷ್ಯಾ ಅಧ್ಯಕ್ಷರೊಂದಿಗೆ ಉಕ್ರೇನ್ ವಿಷಯದ ಕುರಿತು ಚರ್ಚೆ ನಡೆಸಿದ್ದಾರೆ, ಇದು ಮಹತ್ವದ ವಿಷಯ ಎಂದು ತಿಳಿಸಿದ್ದಾರೆ.

ಭಾರತದ ಉತ್ಪನ್ನಗಳ ಮೇಲೆ ಅಮೆರಿಕಾ ಅಧ್ಯಕ್ಷ ಡೊನಾಲ್ಡ್ ಟ್ರಂಪ್ ವಿಧಿಸಿರುವ ಸುಂಕಗಳು ರಷ್ಯಾದ ಮೇಲೆ ದೊಡ್ಡ ಪರಿಣಾಮ ಬೀರಲಿದೆ ಎಂದು ಮಾಹಿತಿ ನೀಡಿದ್ದಾರೆ

ಉಕ್ರೇನ್ ವಿಷಯ ಮತ್ತು ಭಾರತದ ಉತ್ಪನ್ನಗಳ ಮೇಲೆ ತೆರಿಗೆ ವಿಧಿಸಿರುವ ಕುರಿತು ಉಭಯ ನಾಯಕರು ಚರ್ಚೆ ನಡೆಸಿದ್ದಾರೆ ಎಂದು ಅವರು ತಿಳಿಸಿದ್ದಾರೆ

ನ್ಯಾಟೋ ಪ್ರಧಾನ ಕಾರ್ಯದರ್ಶಿ ಮಾರ್ಕ್ ರುಟ್ಟೋ ಅವರ ಹೇಳಿಕೆ ಬಗ್ಗೆ ಭಾರತ, ರಷ್ಯಾ ಇದುವರೆಗೆ ಯಾವುದೇ ಪ್ರತಿಕ್ರಿಯೆ ನೀಡಿಲ್ಲ.

ಕಳೆದ ತಿಂಗಳು ಅಮೆರಿಕಾ ಅಧ್ಯಕ್ಷ ಡೊನಾಲ್ಡ್ ಟ್ರಂಪ್ ಅವರು ಭಾರತ, ರಷ್ಯಾದಿಂದ ತೈಲ ಖರೀದಿ ಮಾಡುತ್ತಿರುವ ಹಿನ್ನೆಲೆಯಲ್ಲಿ ಭಾರತದ ಉತ್ಪನ್ನಗಳ ಮೇಲೆ ಶೇಕಡಾ 25 ರಷ್ಟು ಸುಂಕ ವಿಧಿಸಿದ್ದಾರೆ. ಈಗಾಗಲೇ ಇರುವ ಶೇಕಡಾ 25 ತೆರಿಗೆ ಜೊತೆಗೆ ಇನ್ನೂ 25 ರಷ್ಟು ತೆರಿಗೆ ಹೆಚ್ಚಳದಿಂದ ಶೇಕಡಾ 50 ರಷ್ಟು ತೆರಿಗೆ ವಿಧಿಸಲಾಗಿದೆ.

ಗ್ರಾಮ ಸೇವಾ ಸಂಘ
ನವರಾತ್ರಿ ಮಹೋತ್ಸವ
22-09-2025 ರಿಂದ 02-10-2025
ನಗರದ ಗ್ರಾಮ ಸೇವಾ ಸಂಘ ದೊಡ್ಡ ಮಾವಳ್ಳಿ ಹಾಗೂ ಇಂಡಿಯಾ ಸ್ವೀಟ್ ಹೌಸ್ ವತಿಯಿಂದ ಗ್ರೇಟರ್ ಬೆಂಗಳೂರಿನಲ್ಲಿ ಕಾರ್ಯನಿರ್ವಹಿಸುತ್ತಿರುವ ಮಹಿಳಾ ಪೌರಕಾರ್ಮಿಕರಿಗೆ ದಸರಾ ಹಬ್ಬದ ಪ್ರಯುಕ್ತ ಇಂದು ಬಿಬಿಎಂಪಿ ಮಾಜಿ ವಿರೋಧ ಪಕ್ಷದ ನಾಯಕ ಎಂ. ಉದಯಶಂಕರ್‌ರವರು ಕ್ಯಾಪ್ ಹಾಗೂ ಸ್ವೀಟ್ಸ್ ಬಾಕ್ಸ್‌ನ್ನು ವಿತರಣೆ ಮಾಡಿದರು. ಆರೋಗ್ಯ ಅಧಿಕಾರಿ ಆಶಾ, ಸ್ಥಳೀಯ ಮುಖಂಡರಾದ ಬಸವರಾಜ್, ಗೋಪಾಲ ಕೃಷ್ಣ ಮತ್ತಿತರರು ಉಪಸ್ಥಿತರಿದ್ದರು.
